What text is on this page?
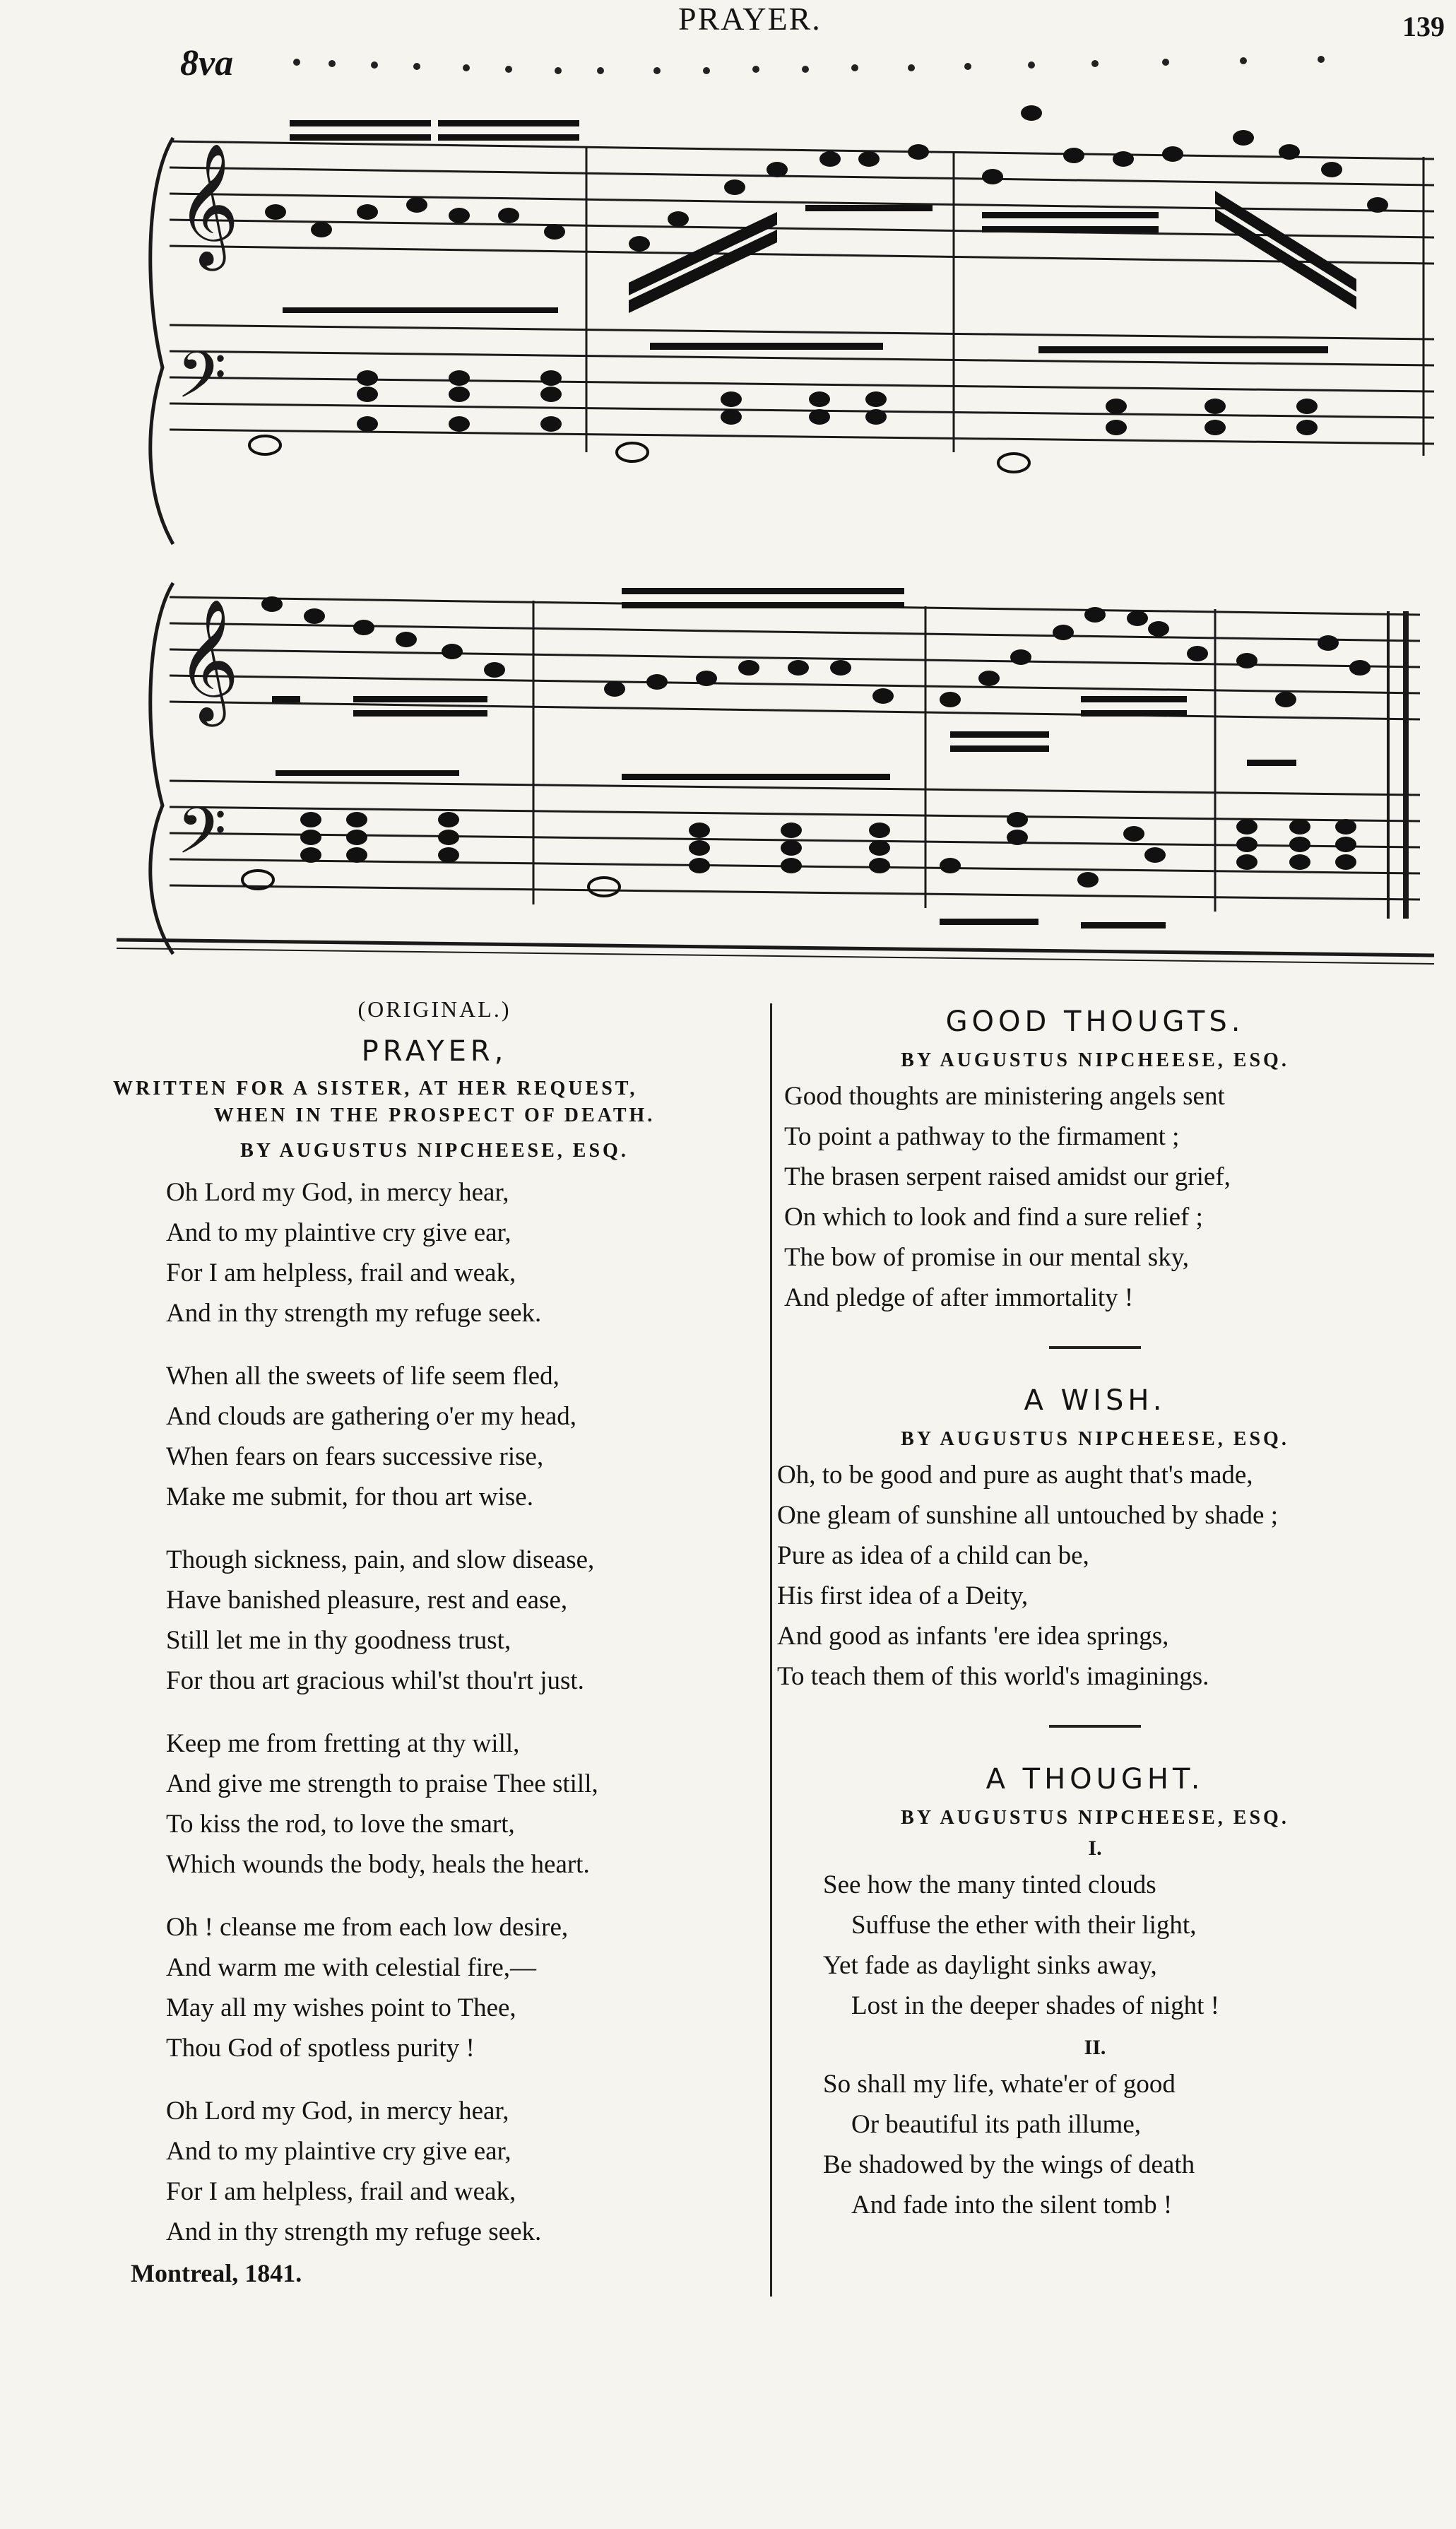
PRAYER.	139
8va
𝄞
𝄢
𝄞
𝄢
(ORIGINAL.)
PRAYER,
WRITTEN FOR A SISTER, AT HER REQUEST,
WHEN IN THE PROSPECT OF DEATH.
BY AUGUSTUS NIPCHEESE, ESQ.
Oh Lord my God, in mercy hear,
And to my plaintive cry give ear,
For I am helpless, frail and weak,
And in thy strength my refuge seek.
When all the sweets of life seem fled,
And clouds are gathering o'er my head,
When fears on fears successive rise,
Make me submit, for thou art wise.
Though sickness, pain, and slow disease,
Have banished pleasure, rest and ease,
Still let me in thy goodness trust,
For thou art gracious whil'st thou'rt just.
Keep me from fretting at thy will,
And give me strength to praise Thee still,
To kiss the rod, to love the smart,
Which wounds the body, heals the heart.
Oh ! cleanse me from each low desire,
And warm me with celestial fire,—
May all my wishes point to Thee,
Thou God of spotless purity !
Oh Lord my God, in mercy hear,
And to my plaintive cry give ear,
For I am helpless, frail and weak,
And in thy strength my refuge seek.
Montreal, 1841.
GOOD THOUGTS.
BY AUGUSTUS NIPCHEESE, ESQ.
Good thoughts are ministering angels sent
To point a pathway to the firmament ;
The brasen serpent raised amidst our grief,
On which to look and find a sure relief ;
The bow of promise in our mental sky,
And pledge of after immortality !
A WISH.
BY AUGUSTUS NIPCHEESE, ESQ.
Oh, to be good and pure as aught that's made,
One gleam of sunshine all untouched by shade ;
Pure as idea of a child can be,
His first idea of a Deity,
And good as infants 'ere idea springs,
To teach them of this world's imaginings.
A THOUGHT.
BY AUGUSTUS NIPCHEESE, ESQ.
I.
See how the many tinted clouds
Suffuse the ether with their light,
Yet fade as daylight sinks away,
Lost in the deeper shades of night !
II.
So shall my life, whate'er of good
Or beautiful its path illume,
Be shadowed by the wings of death
And fade into the silent tomb !
